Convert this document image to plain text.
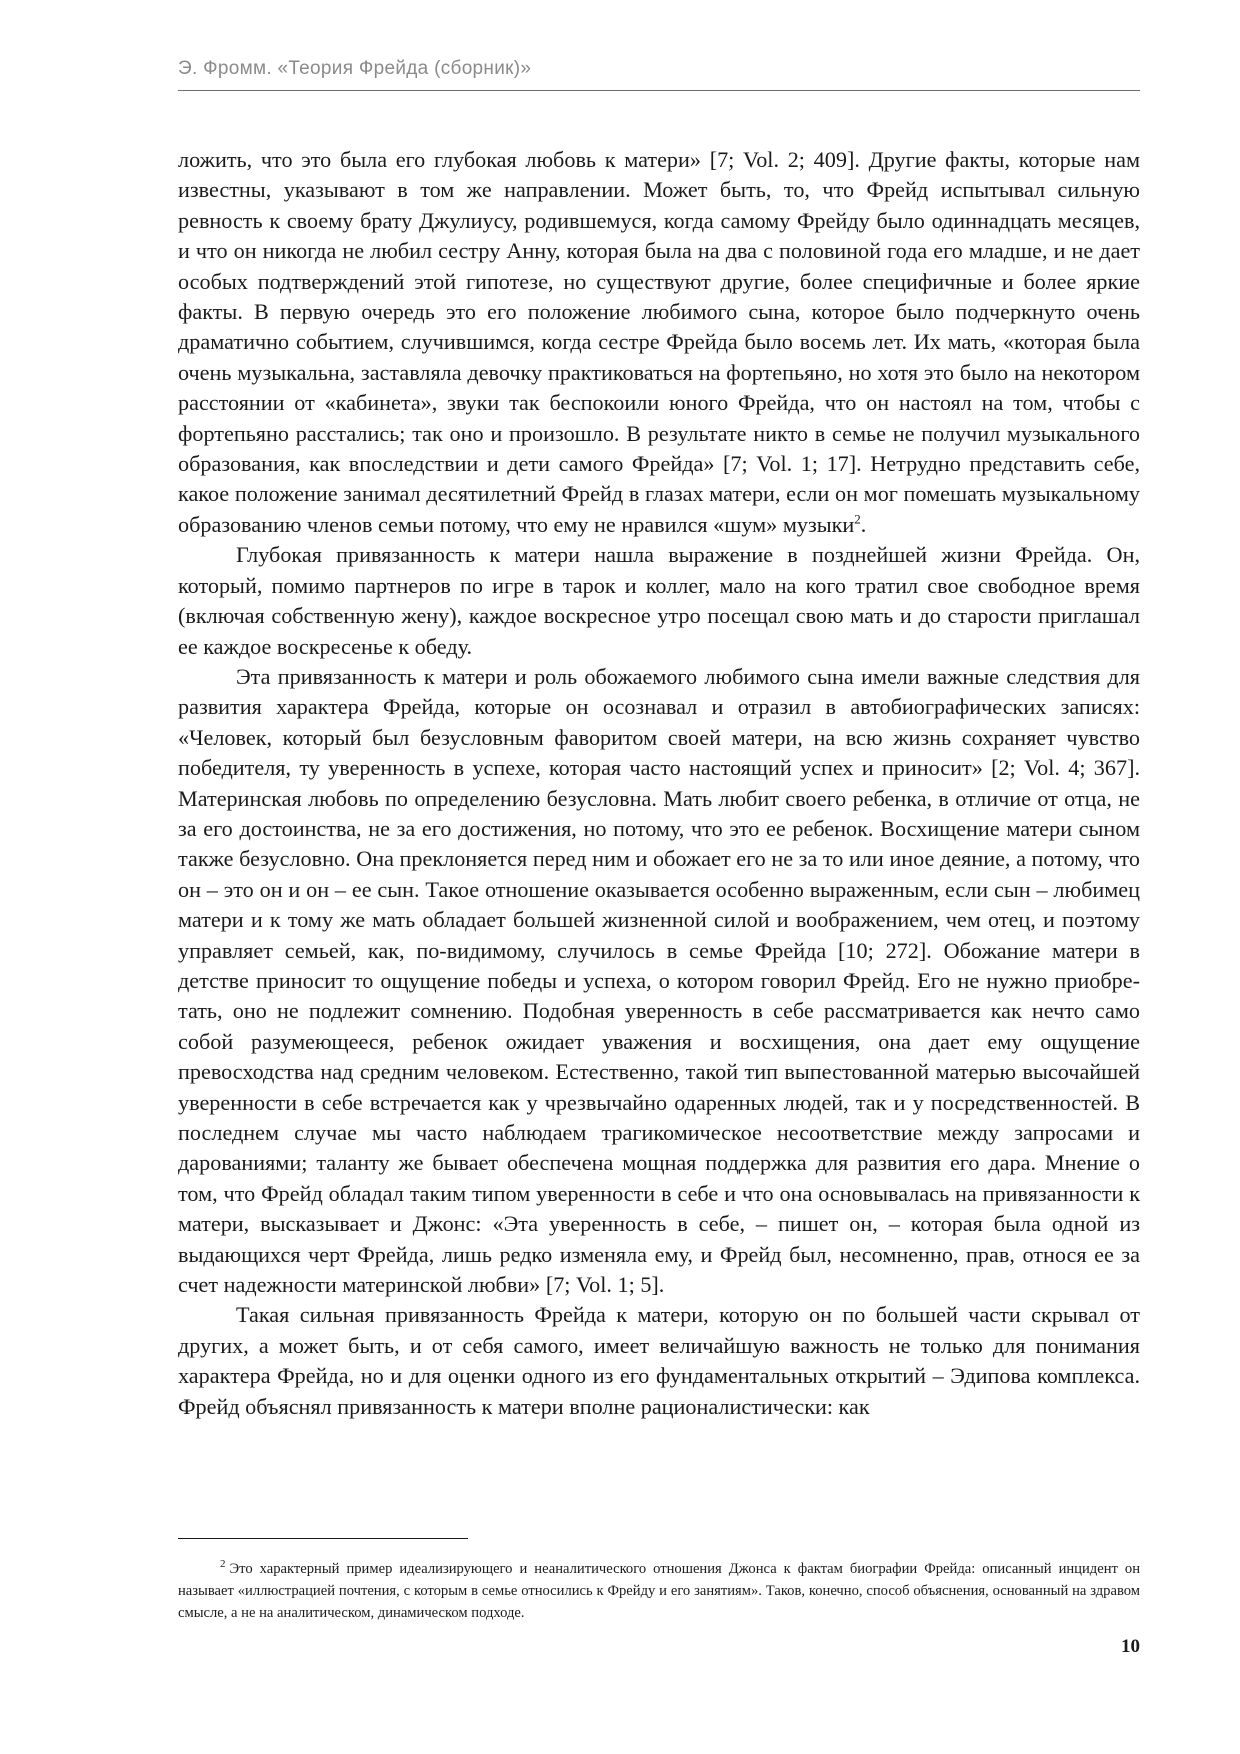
Э. Фромм. «Теория Фрейда (сборник)»

ложить, что это была его глубокая любовь к матери» [7; Vol. 2; 409]. Другие факты, которые нам известны, указывают в том же направлении. Может быть, то, что Фрейд испытывал сильную ревность к своему брату Джулиусу, родившемуся, когда самому Фрейду было одиннадцать месяцев, и что он никогда не любил сестру Анну, которая была на два с половиной года его младше, и не дает особых подтверждений этой гипотезе, но существуют другие, более специфичные и более яркие факты. В первую очередь это его положение любимого сына, которое было подчеркнуто очень драматично событием, случившимся, когда сестре Фрейда было восемь лет. Их мать, «которая была очень музыкальна, заставляла девочку практиковаться на фортепьяно, но хотя это было на некотором расстоянии от «кабинета», звуки так беспокоили юного Фрейда, что он настоял на том, чтобы с фортепьяно расстались; так оно и произошло. В результате никто в семье не получил музыкального образования, как впоследствии и дети самого Фрейда» [7; Vol. 1; 17]. Нетрудно представить себе, какое положение занимал десятилетний Фрейд в глазах матери, если он мог помешать музыкальному образованию членов семьи потому, что ему не нравился «шум» музыки$^2$.

Глубокая привязанность к матери нашла выражение в позднейшей жизни Фрейда. Он, который, помимо партнеров по игре в тарок и коллег, мало на кого тратил свое свободное время (включая собственную жену), каждое воскресное утро посещал свою мать и до старости приглашал ее каждое воскресенье к обеду.

Эта привязанность к матери и роль обожаемого любимого сына имели важные следствия для развития характера Фрейда, которые он осознавал и отразил в автобиографических записях: «Человек, который был безусловным фаворитом своей матери, на всю жизнь сохраняет чувство победителя, ту уверенность в успехе, которая часто настоящий успех и приносит» [2; Vol. 4; 367]. Материнская любовь по определению безусловна. Мать любит своего ребенка, в отличие от отца, не за его достоинства, не за его достижения, но потому, что это ее ребенок. Восхищение матери сыном также безусловно. Она преклоняется перед ним и обожает его не за то или иное деяние, а потому, что он – это он и он – ее сын. Такое отношение оказывается особенно выраженным, если сын – любимец матери и к тому же мать обладает большей жизненной силой и воображением, чем отец, и поэтому управляет семьей, как, по-видимому, случилось в семье Фрейда [10; 272]. Обожание матери в детстве приносит то ощущение победы и успеха, о котором говорил Фрейд. Его не нужно приобретать, оно не подлежит сомнению. Подобная уверенность в себе рассматривается как нечто само собой разумеющееся, ребенок ожидает уважения и восхищения, она дает ему ощущение превосходства над средним человеком. Естественно, такой тип выпестованной матерью высочайшей уверенности в себе встречается как у чрезвычайно одаренных людей, так и у посредственностей. В последнем случае мы часто наблюдаем трагикомическое несоответствие между запросами и дарованиями; таланту же бывает обеспечена мощная поддержка для развития его дара. Мнение о том, что Фрейд обладал таким типом уверенности в себе и что она основывалась на привязанности к матери, высказывает и Джонс: «Эта уверенность в себе, – пишет он, – которая была одной из выдающихся черт Фрейда, лишь редко изменяла ему, и Фрейд был, несомненно, прав, относя ее за счет надежности материнской любви» [7; Vol. 1; 5].

Такая сильная привязанность Фрейда к матери, которую он по большей части скрывал от других, а может быть, и от себя самого, имеет величайшую важность не только для понимания характера Фрейда, но и для оценки одного из его фундаментальных открытий – Эдипова комплекса. Фрейд объяснял привязанность к матери вполне рационалистически: как

$^2$ Это характерный пример идеализирующего и неаналитического отношения Джонса к фактам биографии Фрейда: описанный инцидент он называет «иллюстрацией почтения, с которым в семье относились к Фрейду и его занятиям». Таков, конечно, способ объяснения, основанный на здравом смысле, а не на аналитическом, динамическом подходе.

10
